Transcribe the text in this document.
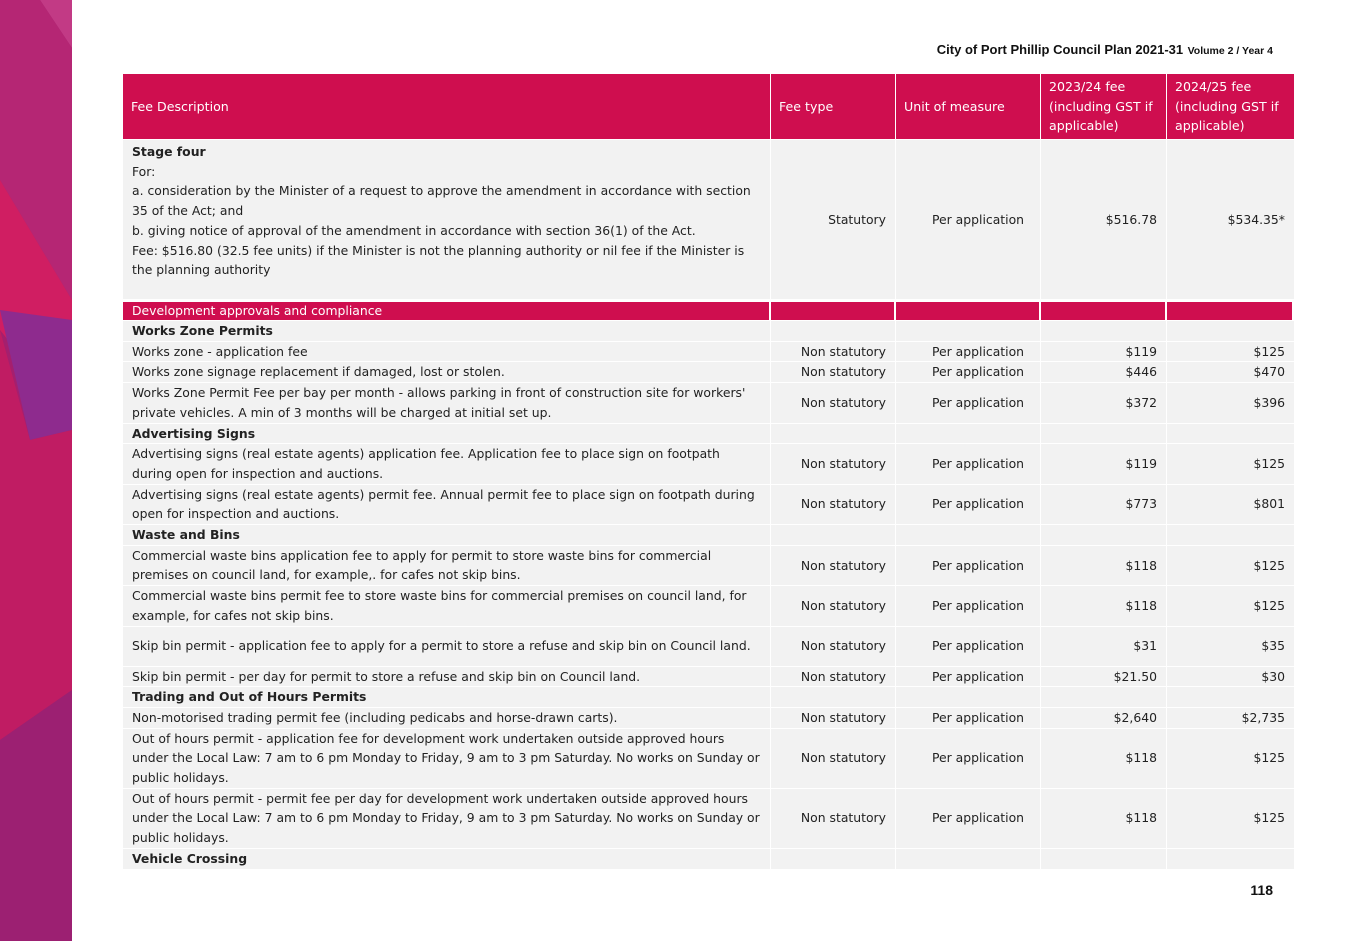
City of Port Phillip Council Plan 2021-31 Volume 2 / Year 4
Fee Description	Fee type	Unit of measure	2023/24 fee (including GST if applicable)	2024/25 fee (including GST if applicable)

Stage four
For:
a. consideration by the Minister of a request to approve the amendment in accordance with section 35 of the Act; and
b. giving notice of approval of the amendment in accordance with section 36(1) of the Act.
Fee: $516.80 (32.5 fee units) if the Minister is not the planning authority or nil fee if the Minister is the planning authority	Statutory	Per application	$516.78	$534.35*

Development approvals and compliance				
Works Zone Permits				
Works zone - application fee	Non statutory	Per application	$119	$125
Works zone signage replacement if damaged, lost or stolen.	Non statutory	Per application	$446	$470
Works Zone Permit Fee per bay per month - allows parking in front of construction site for workers' private vehicles. A min of 3 months will be charged at initial set up.	Non statutory	Per application	$372	$396
Advertising Signs				
Advertising signs (real estate agents) application fee. Application fee to place sign on footpath during open for inspection and auctions.	Non statutory	Per application	$119	$125
Advertising signs (real estate agents) permit fee. Annual permit fee to place sign on footpath during open for inspection and auctions.	Non statutory	Per application	$773	$801
Waste and Bins				
Commercial waste bins application fee to apply for permit to store waste bins for commercial premises on council land, for example,. for cafes not skip bins.	Non statutory	Per application	$118	$125
Commercial waste bins permit fee to store waste bins for commercial premises on council land, for example, for cafes not skip bins.	Non statutory	Per application	$118	$125
Skip bin permit - application fee to apply for a permit to store a refuse and skip bin on Council land.	Non statutory	Per application	$31	$35
Skip bin permit - per day for permit to store a refuse and skip bin on Council land.	Non statutory	Per application	$21.50	$30
Trading and Out of Hours Permits				
Non-motorised trading permit fee (including pedicabs and horse-drawn carts).	Non statutory	Per application	$2,640	$2,735
Out of hours permit - application fee for development work undertaken outside approved hours under the Local Law: 7 am to 6 pm Monday to Friday, 9 am to 3 pm Saturday. No works on Sunday or public holidays.	Non statutory	Per application	$118	$125
Out of hours permit - permit fee per day for development work undertaken outside approved hours under the Local Law: 7 am to 6 pm Monday to Friday, 9 am to 3 pm Saturday. No works on Sunday or public holidays.	Non statutory	Per application	$118	$125
Vehicle Crossing				
118
